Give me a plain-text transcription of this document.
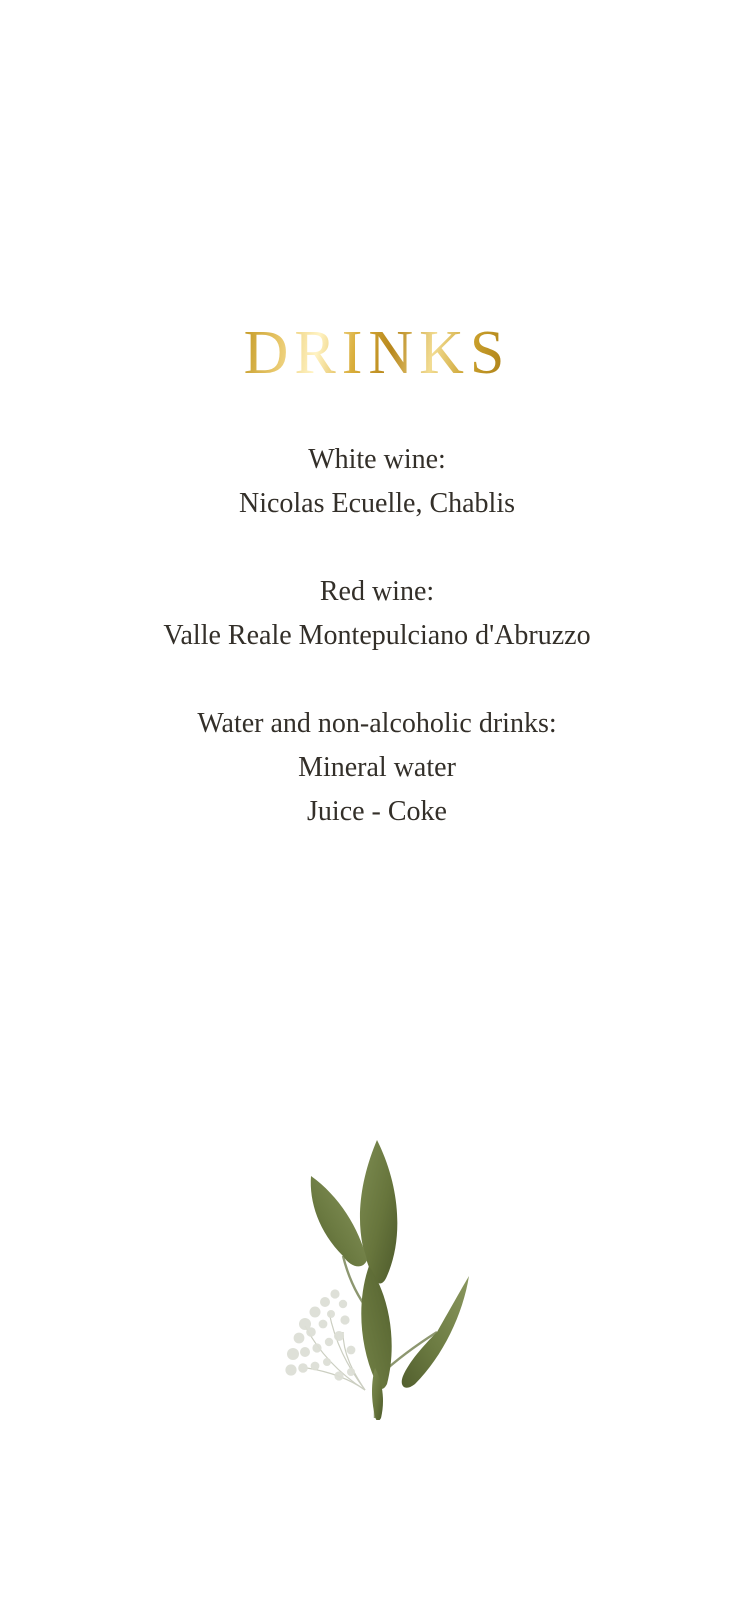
DRINKS
White wine:
Nicolas Ecuelle, Chablis
Red wine:
Valle Reale Montepulciano d'Abruzzo
Water and non-alcoholic drinks:
Mineral water
Juice - Coke
